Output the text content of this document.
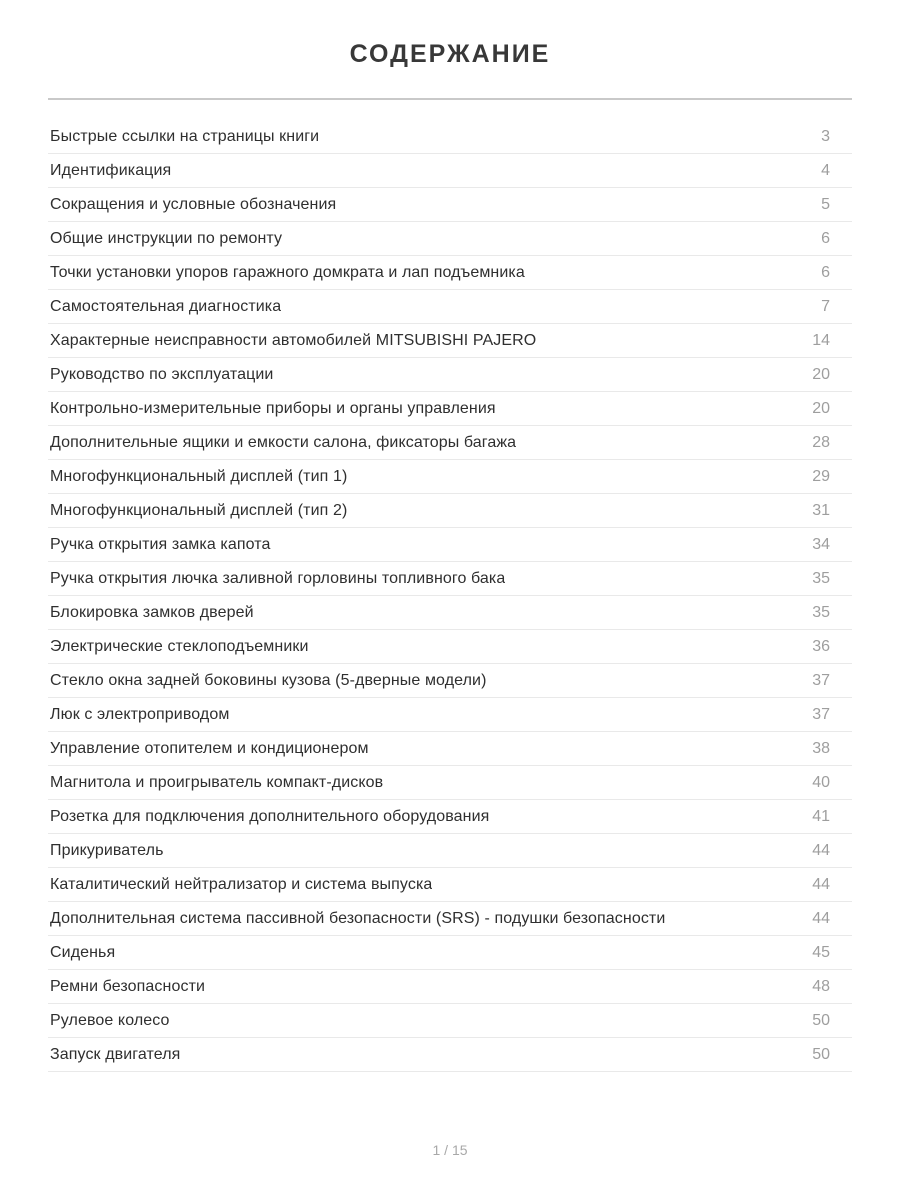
СОДЕРЖАНИЕ
Быстрые ссылки на страницы книги	3
Идентификация	4
Сокращения и условные обозначения	5
Общие инструкции по ремонту	6
Точки установки упоров гаражного домкрата и лап подъемника	6
Самостоятельная диагностика	7
Характерные неисправности автомобилей MITSUBISHI PAJERO	14
Руководство по эксплуатации	20
Контрольно-измерительные приборы и органы управления	20
Дополнительные ящики и емкости салона, фиксаторы багажа	28
Многофункциональный дисплей (тип 1)	29
Многофункциональный дисплей (тип 2)	31
Ручка открытия замка капота	34
Ручка открытия лючка заливной горловины топливного бака	35
Блокировка замков дверей	35
Электрические стеклоподъемники	36
Стекло окна задней боковины кузова (5-дверные модели)	37
Люк с электроприводом	37
Управление отопителем и кондиционером	38
Магнитола и проигрыватель компакт-дисков	40
Розетка для подключения дополнительного оборудования	41
Прикуриватель	44
Каталитический нейтрализатор и система выпуска	44
Дополнительная система пассивной безопасности (SRS) - подушки безопасности	44
Сиденья	45
Ремни безопасности	48
Рулевое колесо	50
Запуск двигателя	50
1 / 15
